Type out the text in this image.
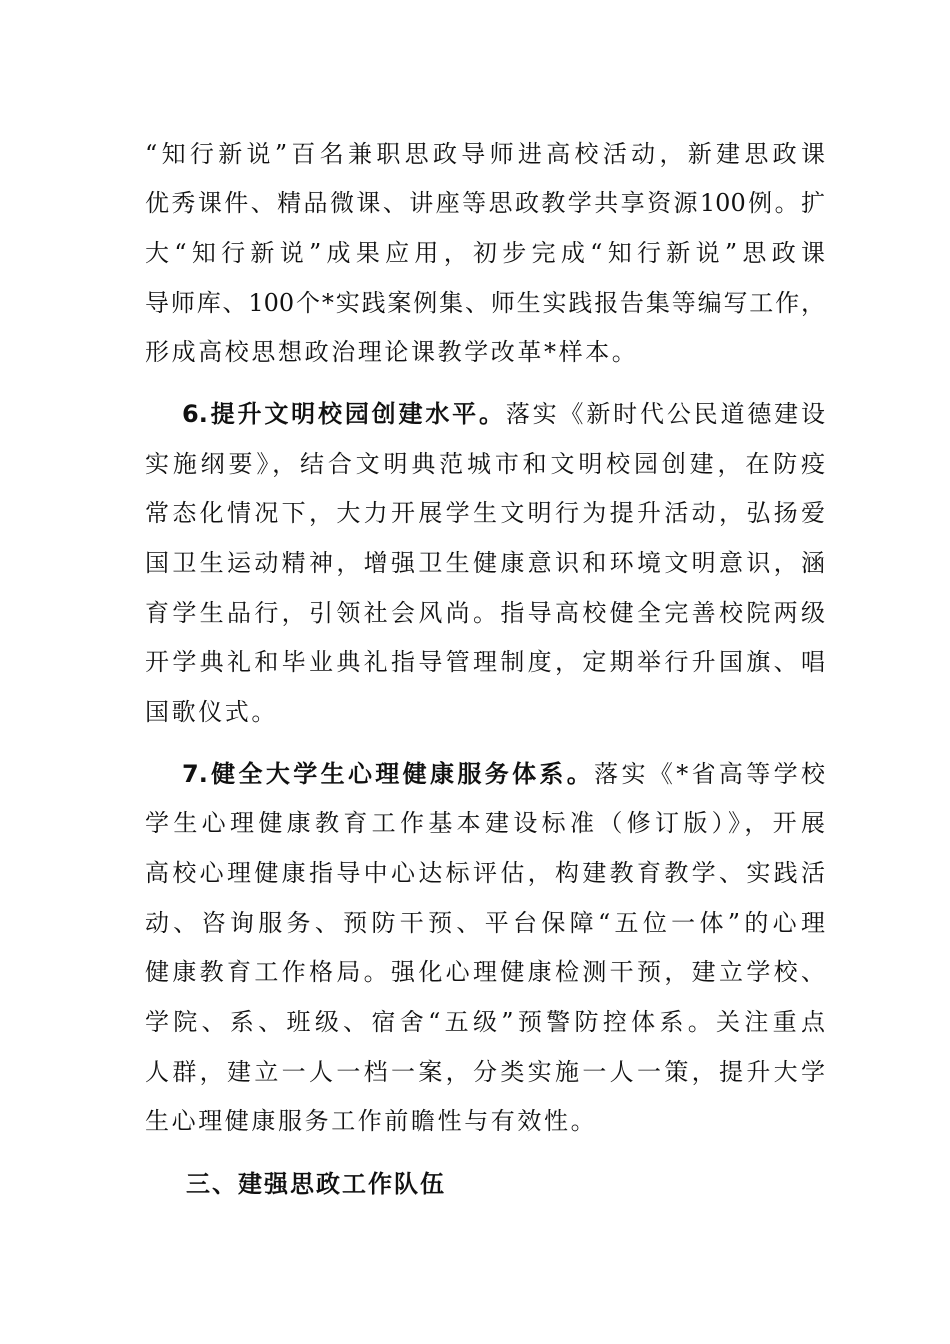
“知行新说”百名兼职思政导师进高校活动，新建思政课
优秀课件、精品微课、讲座等思政教学共享资源100例。扩
大“知行新说”成果应用，初步完成“知行新说”思政课
导师库、100个*实践案例集、师生实践报告集等编写工作，
形成高校思想政治理论课教学改革*样本。
6.提升文明校园创建水平。落实《新时代公民道德建设
实施纲要》，结合文明典范城市和文明校园创建，在防疫
常态化情况下，大力开展学生文明行为提升活动，弘扬爱
国卫生运动精神，增强卫生健康意识和环境文明意识，涵
育学生品行，引领社会风尚。指导高校健全完善校院两级
开学典礼和毕业典礼指导管理制度，定期举行升国旗、唱
国歌仪式。
7.健全大学生心理健康服务体系。落实《*省高等学校
学生心理健康教育工作基本建设标准（修订版）》，开展
高校心理健康指导中心达标评估，构建教育教学、实践活
动、咨询服务、预防干预、平台保障“五位一体”的心理
健康教育工作格局。强化心理健康检测干预，建立学校、
学院、系、班级、宿舍“五级”预警防控体系。关注重点
人群，建立一人一档一案，分类实施一人一策，提升大学
生心理健康服务工作前瞻性与有效性。
三、建强思政工作队伍
